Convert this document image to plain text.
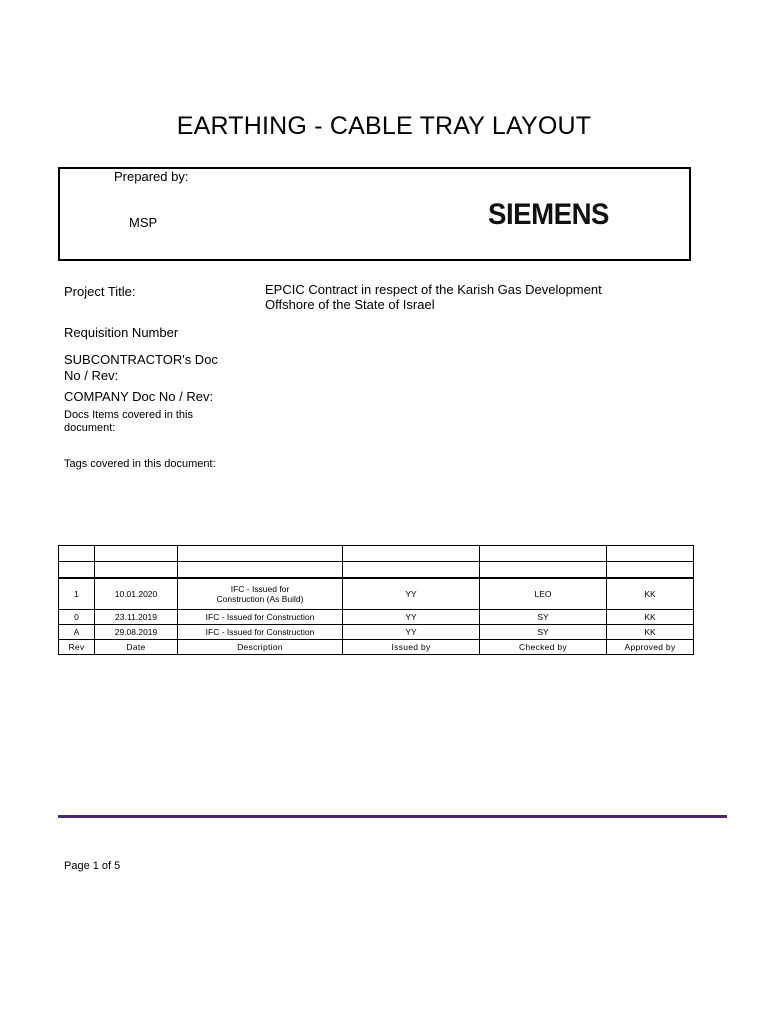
EARTHING - CABLE TRAY LAYOUT
Prepared by:
MSP	SIEMENS
Project Title:	EPCIC Contract in respect of the Karish Gas Development
Offshore of the State of Israel
Requisition Number
SUBCONTRACTOR's Doc
No / Rev:
COMPANY Doc No / Rev:
Docs Items covered in this
document:
Tags covered in this document:

1	10.01.2020	IFC - Issued for
Construction (As Build)	YY	LEO	KK
0	23.11.2019	IFC - Issued for Construction	YY	SY	KK
A	29.08.2019	IFC - Issued for Construction	YY	SY	KK
Rev	Date	Description	Issued by	Checked by	Approved by
Page 1 of 5
